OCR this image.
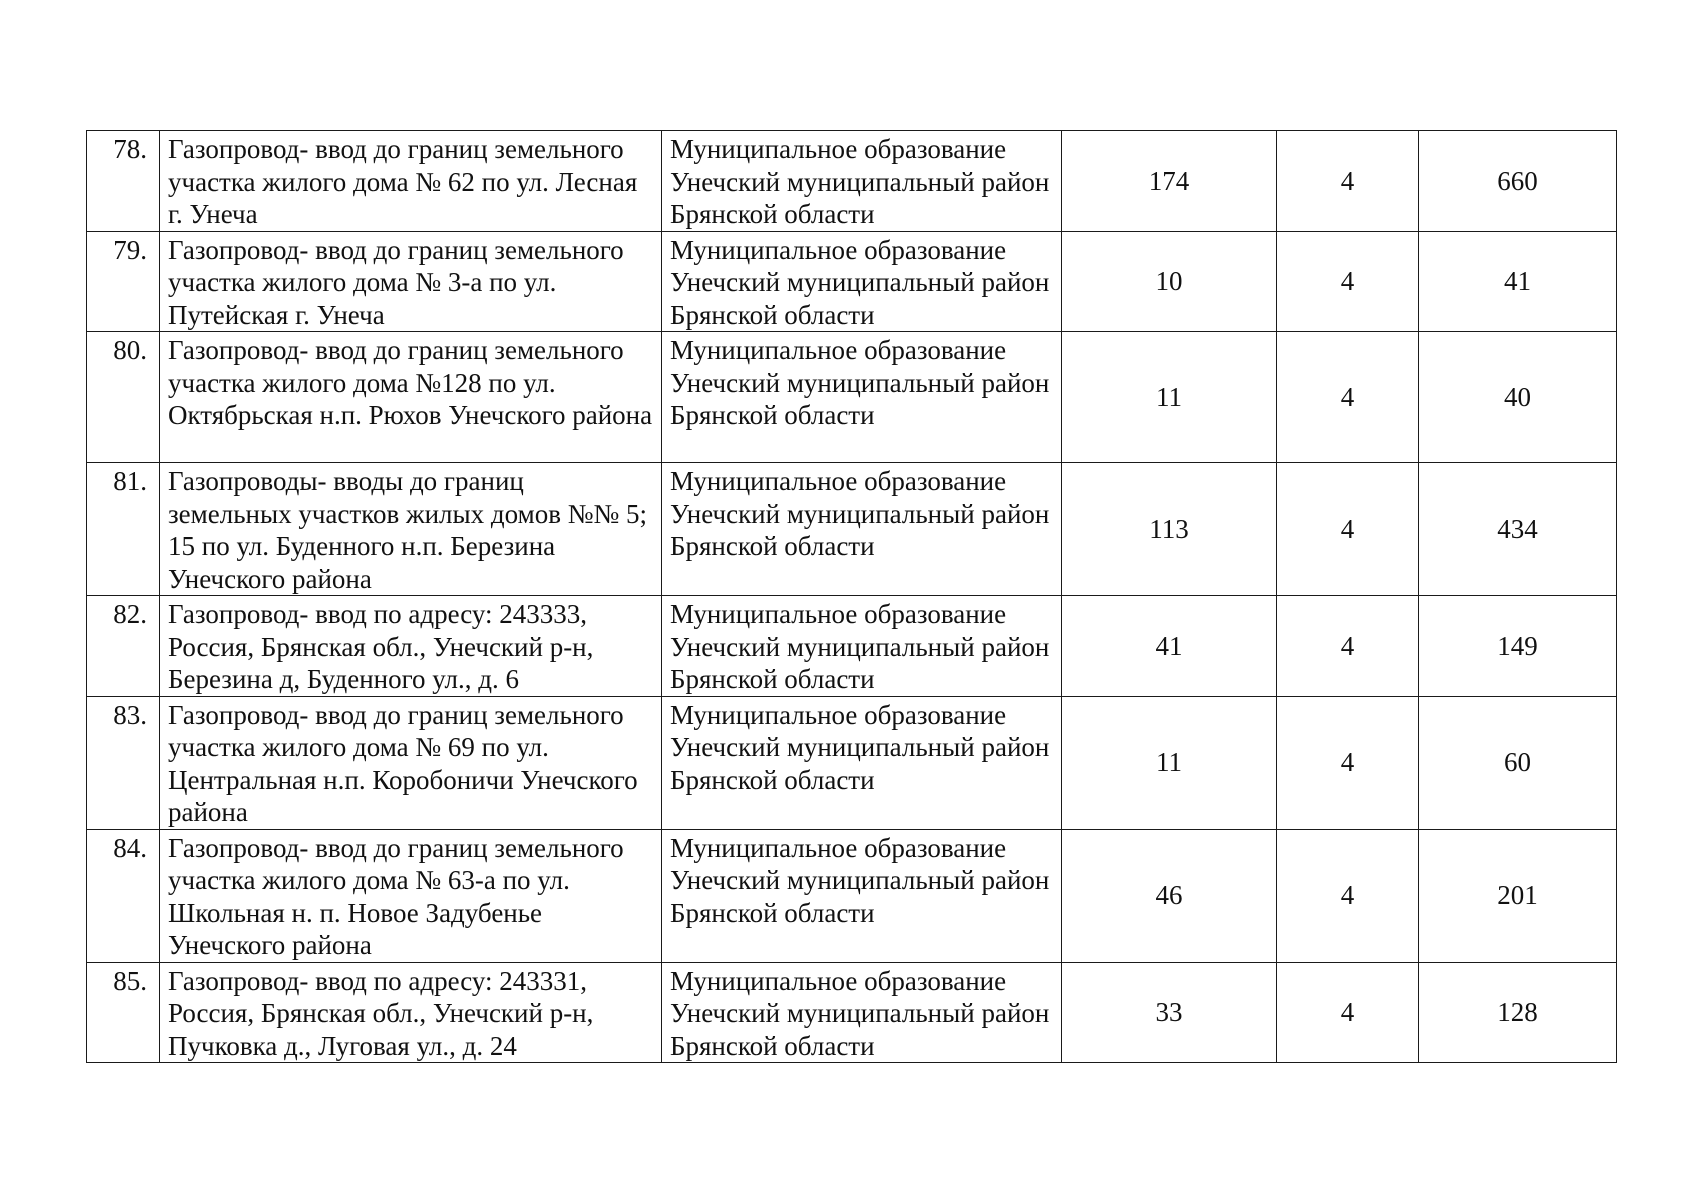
78.	Газопровод- ввод до границ земельного участка жилого дома № 62 по ул. Лесная г. Унеча	Муниципальное образование Унечский муниципальный район Брянской области	174	4	660
79.	Газопровод- ввод до границ земельного участка жилого дома № 3-а по ул. Путейская г. Унеча	Муниципальное образование Унечский муниципальный район Брянской области	10	4	41
80.	Газопровод- ввод до границ земельного участка жилого дома №128 по ул. Октябрьская н.п. Рюхов Унечского района	Муниципальное образование Унечский муниципальный район Брянской области	11	4	40
81.	Газопроводы- вводы до границ земельных участков жилых домов №№ 5; 15 по ул. Буденного н.п. Березина Унечского района	Муниципальное образование Унечский муниципальный район Брянской области	113	4	434
82.	Газопровод- ввод по адресу: 243333, Россия, Брянская обл., Унечский р-н, Березина д, Буденного ул., д. 6	Муниципальное образование Унечский муниципальный район Брянской области	41	4	149
83.	Газопровод- ввод до границ земельного участка жилого дома № 69 по ул. Центральная н.п. Коробоничи Унечского района	Муниципальное образование Унечский муниципальный район Брянской области	11	4	60
84.	Газопровод- ввод до границ земельного участка жилого дома № 63-а по ул. Школьная н. п. Новое Задубенье Унечского района	Муниципальное образование Унечский муниципальный район Брянской области	46	4	201
85.	Газопровод- ввод по адресу: 243331, Россия, Брянская обл., Унечский р-н, Пучковка д., Луговая ул., д. 24	Муниципальное образование Унечский муниципальный район Брянской области	33	4	128
